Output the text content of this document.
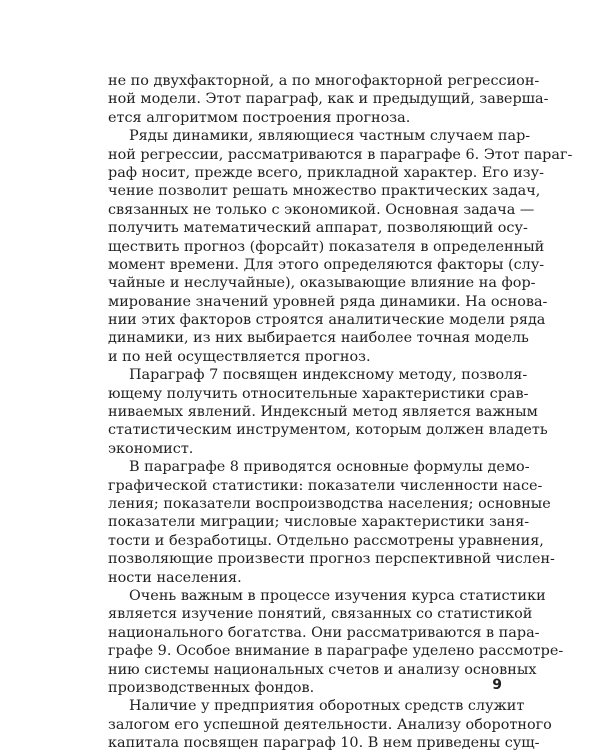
не по двухфакторной, а по многофакторной регрессион-
ной модели. Этот параграф, как и предыдущий, заверша-
ется алгоритмом построения прогноза.
Ряды динамики, являющиеся частным случаем пар-
ной регрессии, рассматриваются в параграфе 6. Этот параг-
раф носит, прежде всего, прикладной характер. Его изу-
чение позволит решать множество практических задач,
связанных не только с экономикой. Основная задача —
получить математический аппарат, позволяющий осу-
ществить прогноз (форсайт) показателя в определенный
момент времени. Для этого определяются факторы (слу-
чайные и неслучайные), оказывающие влияние на фор-
мирование значений уровней ряда динамики. На основа-
нии этих факторов строятся аналитические модели ряда
динамики, из них выбирается наиболее точная модель
и по ней осуществляется прогноз.
Параграф 7 посвящен индексному методу, позволя-
ющему получить относительные характеристики срав-
ниваемых явлений. Индексный метод является важным
статистическим инструментом, которым должен владеть
экономист.
В параграфе 8 приводятся основные формулы демо-
графической статистики: показатели численности насе-
ления; показатели воспроизводства населения; основные
показатели миграции; числовые характеристики заня-
тости и безработицы. Отдельно рассмотрены уравнения,
позволяющие произвести прогноз перспективной числен-
ности населения.
Очень важным в процессе изучения курса статистики
является изучение понятий, связанных со статистикой
национального богатства. Они рассматриваются в пара-
графе 9. Особое внимание в параграфе уделено рассмотре-
нию системы национальных счетов и анализу основных
производственных фондов.
Наличие у предприятия оборотных средств служит
залогом его успешной деятельности. Анализу оборотного
капитала посвящен параграф 10. В нем приведены сущ-
9
